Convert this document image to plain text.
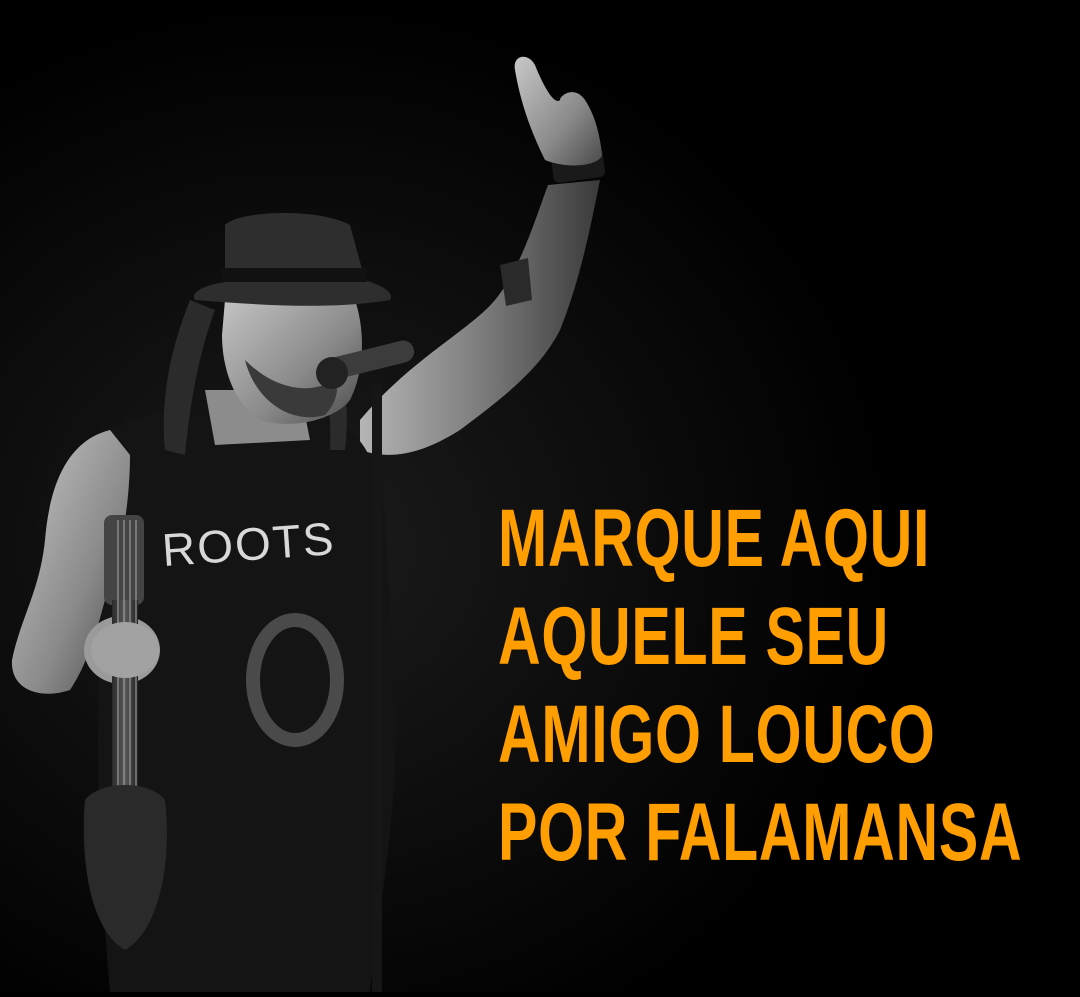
ROOTS MARQUE AQUI
AQUELE SEU
AMIGO LOUCO
POR FALAMANSA
